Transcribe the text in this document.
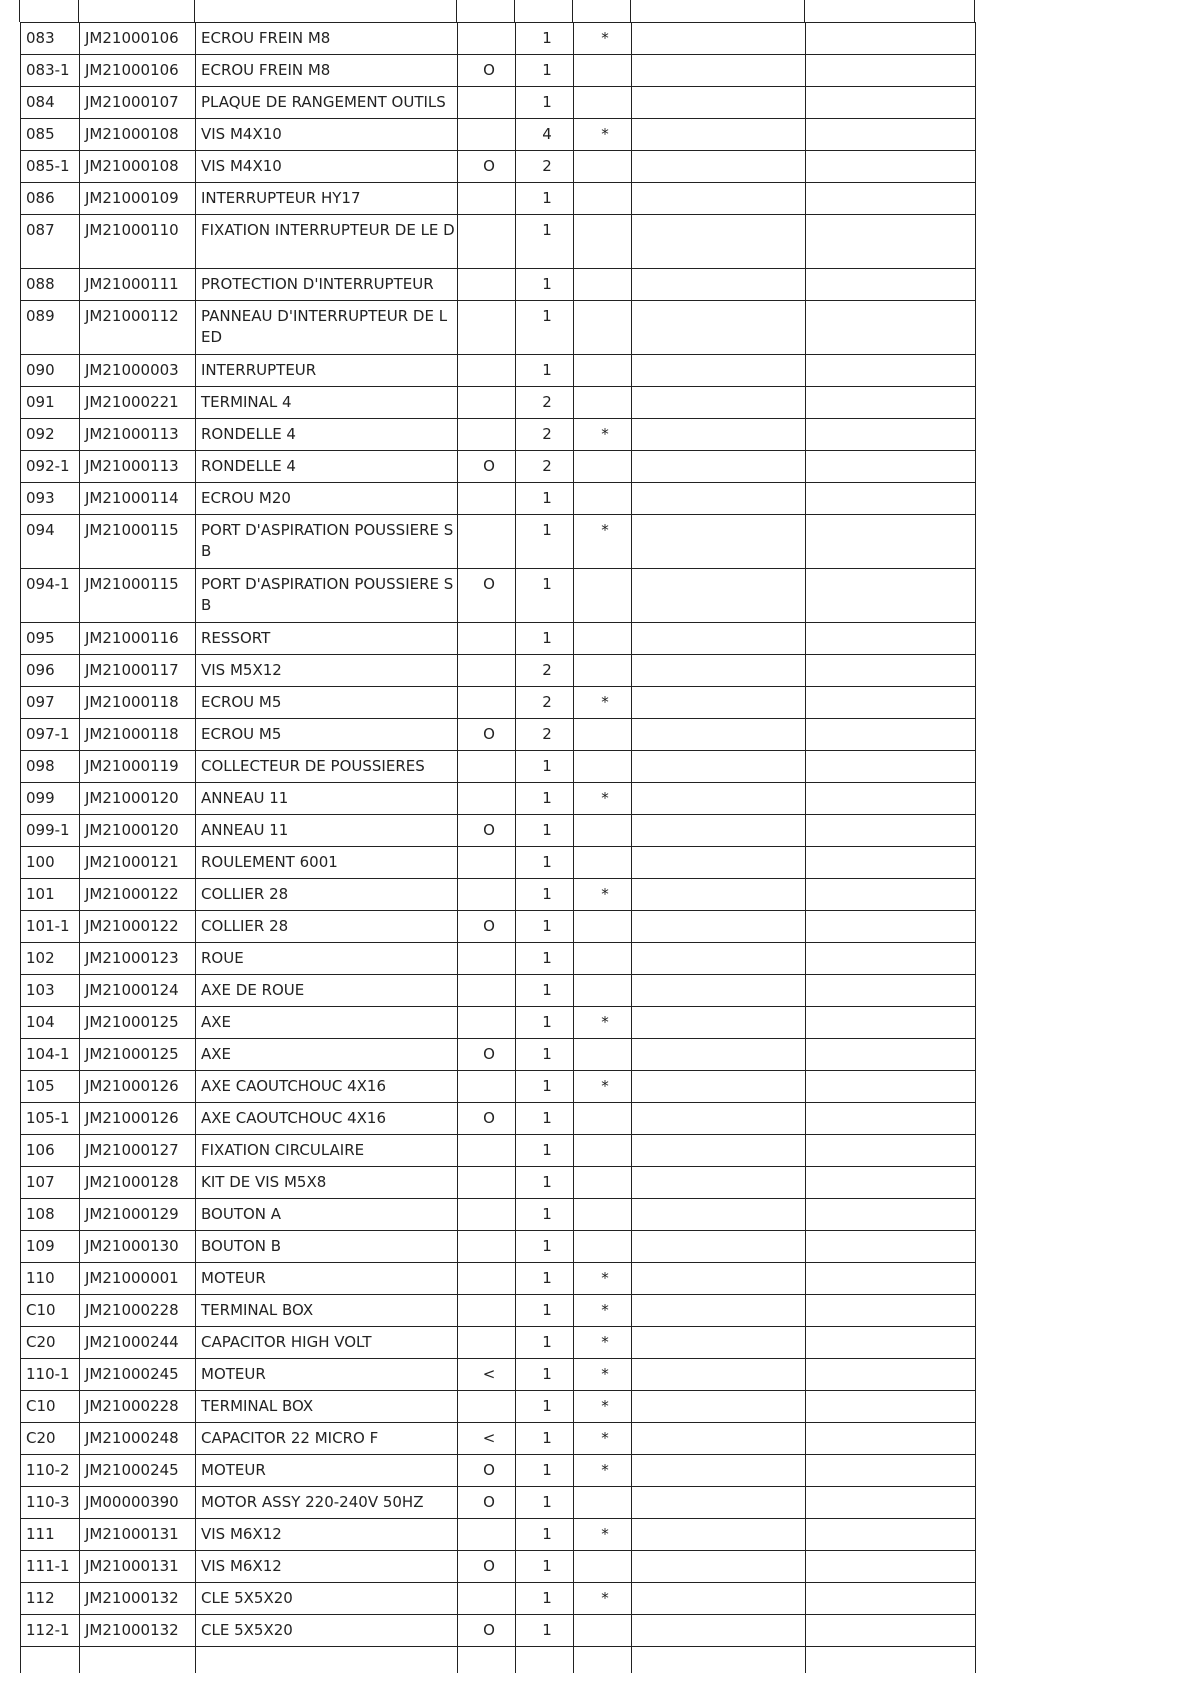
083	JM21000106	ECROU FREIN M8		1	*		
083-1	JM21000106	ECROU FREIN M8	O	1			
084	JM21000107	PLAQUE DE RANGEMENT OUTILS		1			
085	JM21000108	VIS M4X10		4	*		
085-1	JM21000108	VIS M4X10	O	2			
086	JM21000109	INTERRUPTEUR HY17		1			
087	JM21000110	FIXATION INTERRUPTEUR DE LE D		1			
088	JM21000111	PROTECTION D'INTERRUPTEUR		1			
089	JM21000112	PANNEAU D'INTERRUPTEUR DE L ED		1			
090	JM21000003	INTERRUPTEUR		1			
091	JM21000221	TERMINAL 4		2			
092	JM21000113	RONDELLE 4		2	*		
092-1	JM21000113	RONDELLE 4	O	2			
093	JM21000114	ECROU M20		1			
094	JM21000115	PORT D'ASPIRATION POUSSIERE S B		1	*		
094-1	JM21000115	PORT D'ASPIRATION POUSSIERE S B	O	1			
095	JM21000116	RESSORT		1			
096	JM21000117	VIS M5X12		2			
097	JM21000118	ECROU M5		2	*		
097-1	JM21000118	ECROU M5	O	2			
098	JM21000119	COLLECTEUR DE POUSSIERES		1			
099	JM21000120	ANNEAU 11		1	*		
099-1	JM21000120	ANNEAU 11	O	1			
100	JM21000121	ROULEMENT 6001		1			
101	JM21000122	COLLIER 28		1	*		
101-1	JM21000122	COLLIER 28	O	1			
102	JM21000123	ROUE		1			
103	JM21000124	AXE DE ROUE		1			
104	JM21000125	AXE		1	*		
104-1	JM21000125	AXE	O	1			
105	JM21000126	AXE CAOUTCHOUC 4X16		1	*		
105-1	JM21000126	AXE CAOUTCHOUC 4X16	O	1			
106	JM21000127	FIXATION CIRCULAIRE		1			
107	JM21000128	KIT DE VIS M5X8		1			
108	JM21000129	BOUTON A		1			
109	JM21000130	BOUTON B		1			
110	JM21000001	MOTEUR		1	*		
C10	JM21000228	TERMINAL BOX		1	*		
C20	JM21000244	CAPACITOR HIGH VOLT		1	*		
110-1	JM21000245	MOTEUR	<	1	*		
C10	JM21000228	TERMINAL BOX		1	*		
C20	JM21000248	CAPACITOR 22 MICRO F	<	1	*		
110-2	JM21000245	MOTEUR	O	1	*		
110-3	JM00000390	MOTOR ASSY 220-240V 50HZ	O	1			
111	JM21000131	VIS M6X12		1	*		
111-1	JM21000131	VIS M6X12	O	1			
112	JM21000132	CLE 5X5X20		1	*		
112-1	JM21000132	CLE 5X5X20	O	1			
